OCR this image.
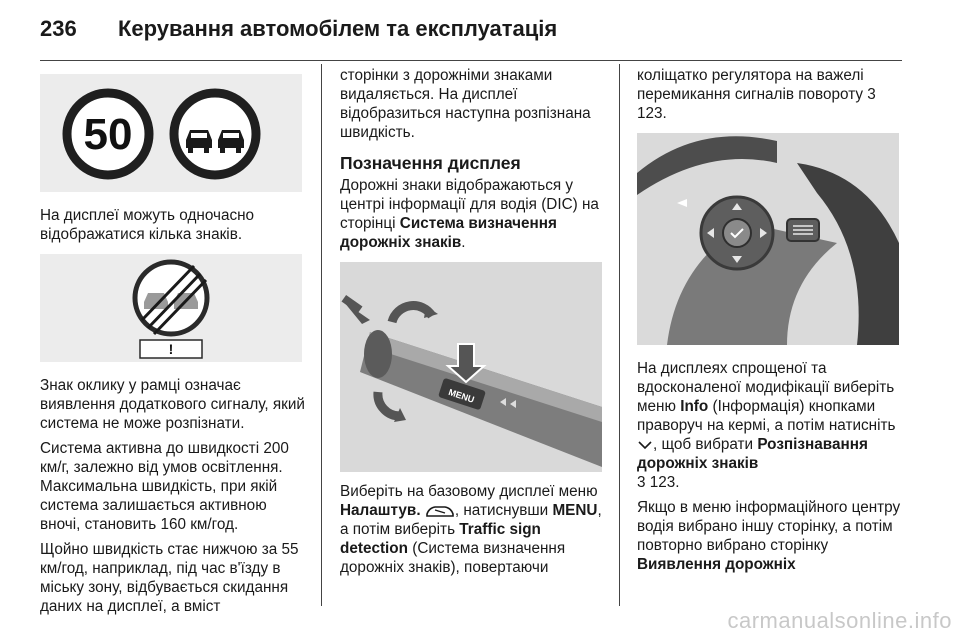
236	Керування автомобілем та експлуатація
50
На дисплеї можуть одночасно відображатися кілька знаків.
!
Знак оклику у рамці означає виявлення додаткового сигналу, який система не може розпізнати.
Система активна до швидкості 200 км/г, залежно від умов освітлення. Максимальна швидкість, при якій система залишається активною вночі, становить 160 км/год.
Щойно швидкість стає нижчою за 55 км/год, наприклад, під час в'їзду в міську зону, відбувається скидання даних на дисплеї, а вміст
сторінки з дорожніми знаками видаляється. На дисплеї відобразиться наступна розпізнана швидкість.
Позначення дисплея
Дорожні знаки відображаються у центрі інформації для водія (DIC) на сторінці Система визначення дорожніх знаків.
MENU
Виберіть на базовому дисплеї меню Налаштув. , натиснувши MENU, а потім виберіть Traffic sign detection (Система визначення дорожніх знаків), повертаючи
коліщатко регулятора на важелі перемикання сигналів повороту 3 123.
На дисплеях спрощеної та вдосконаленої модифікації виберіть меню Info (Інформація) кнопками праворуч на кермі, а потім натисніть , щоб вибрати Розпізнавання дорожніх знаків
3 123.
Якщо в меню інформаційного центру водія вибрано іншу сторінку, а потім повторно вибрано сторінку Виявлення дорожніх
carmanualsonline.info
